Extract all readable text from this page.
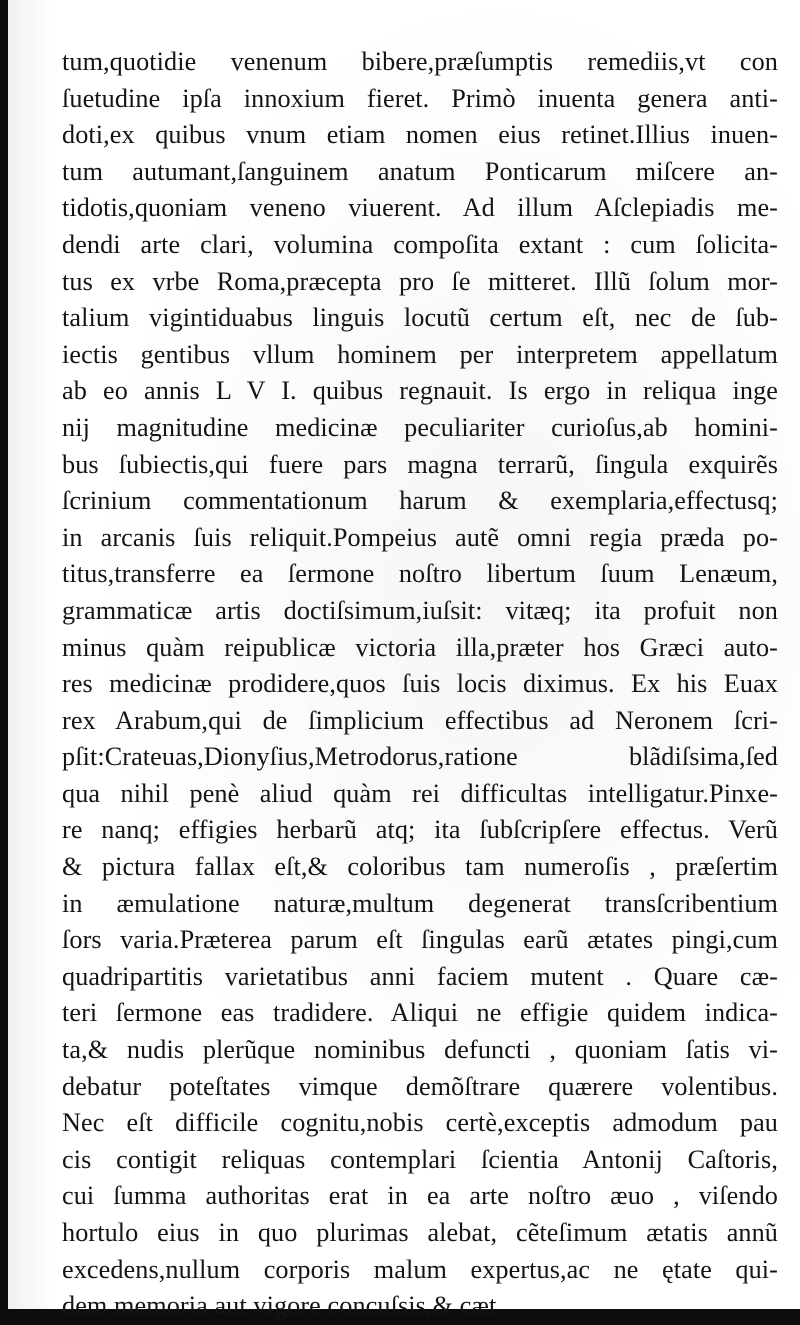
tum,quotidie venenum bibere,præſumptis remediis,vt con
ſuetudine ipſa innoxium fieret. Primò inuenta genera anti-
doti,ex quibus vnum etiam nomen eius retinet.Illius inuen-
tum autumant,ſanguinem anatum Ponticarum miſcere an-
tidotis,quoniam veneno viuerent. Ad illum Aſclepiadis me-
dendi arte clari, volumina compoſita extant : cum ſolicita-
tus ex vrbe Roma,præcepta pro ſe mitteret. Illũ ſolum mor-
talium vigintiduabus linguis locutũ certum eſt, nec de ſub-
iectis gentibus vllum hominem per interpretem appellatum
ab eo annis L V I. quibus regnauit. Is ergo in reliqua inge
nij magnitudine medicinæ peculiariter curioſus,ab homini-
bus ſubiectis,qui fuere pars magna terrarũ, ſingula exquirẽs
ſcrinium commentationum harum & exemplaria,effectusq;
in arcanis ſuis reliquit.Pompeius autẽ omni regia præda po-
titus,transferre ea ſermone noſtro libertum ſuum Lenæum,
grammaticæ artis doctiſsimum,iuſsit: vitæq; ita profuit non
minus quàm reipublicæ victoria illa,præter hos Græci auto-
res medicinæ prodidere,quos ſuis locis diximus. Ex his Euax
rex Arabum,qui de ſimplicium effectibus ad Neronem ſcri-
pſit:Crateuas,Dionyſius,Metrodorus,ratione blãdiſsima,ſed
qua nihil penè aliud quàm rei difficultas intelligatur.Pinxe-
re nanq; effigies herbarũ atq; ita ſubſcripſere effectus. Verũ
& pictura fallax eſt,& coloribus tam numeroſis , præſertim
in æmulatione naturæ,multum degenerat transſcribentium
ſors varia.Præterea parum eſt ſingulas earũ ætates pingi,cum
quadripartitis varietatibus anni faciem mutent . Quare cæ-
teri ſermone eas tradidere. Aliqui ne effigie quidem indica-
ta,& nudis plerũque nominibus defuncti , quoniam ſatis vi-
debatur poteſtates vimque demõſtrare quærere volentibus.
Nec eſt difficile cognitu,nobis certè,exceptis admodum pau
cis contigit reliquas contemplari ſcientia Antonij Caſtoris,
cui ſumma authoritas erat in ea arte noſtro æuo , viſendo
hortulo eius in quo plurimas alebat, cẽteſimum ætatis annũ
excedens,nullum corporis malum expertus,ac ne ętate qui-
dem memoria aut vigore concuſsis,& cæt.
